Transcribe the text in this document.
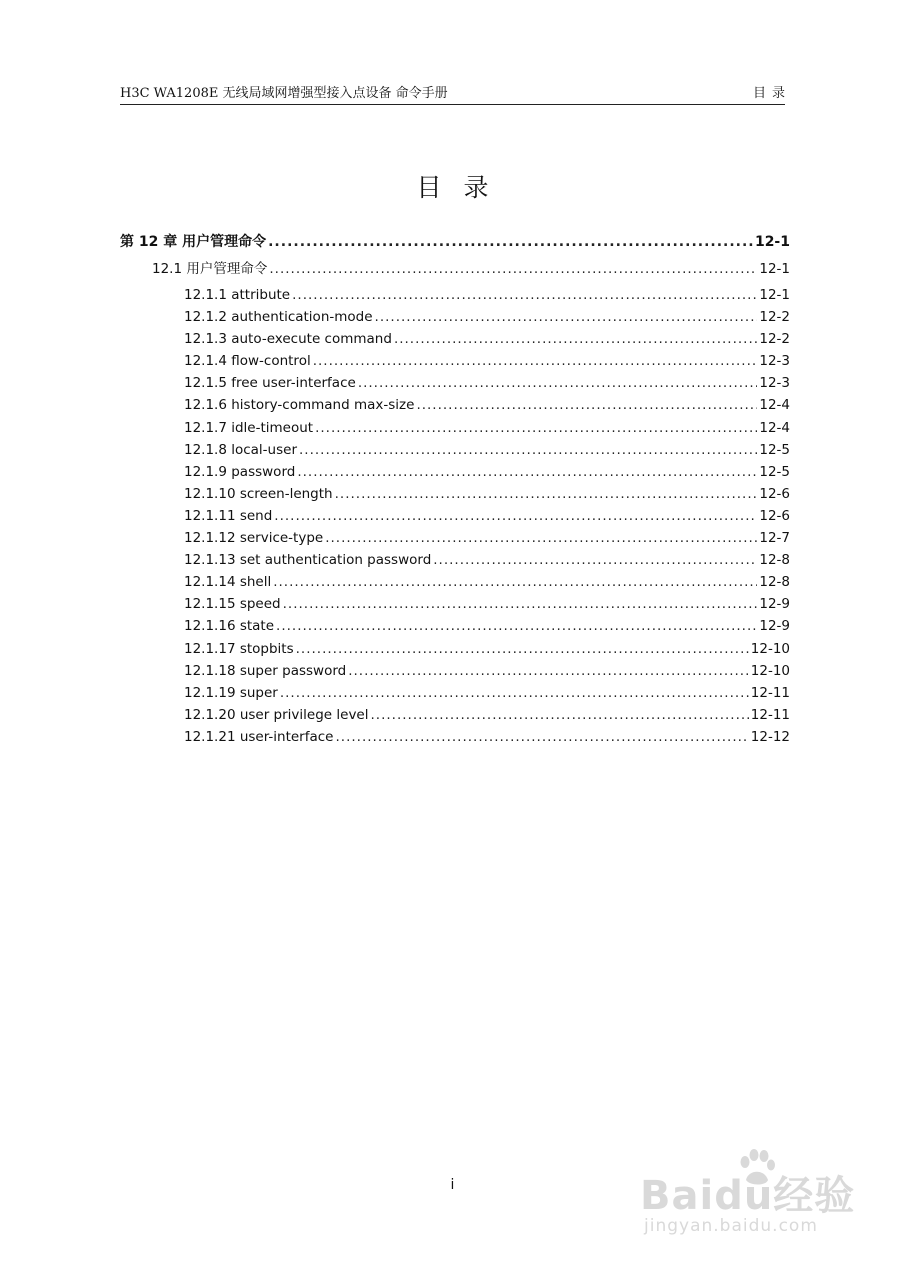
H3C WA1208E 无线局域网增强型接入点设备 命令手册	目录
目录
第 12 章 用户管理命令 .....	12-1
12.1 用户管理命令 .....	12-1
12.1.1 attribute .....	12-1
12.1.2 authentication-mode .....	12-2
12.1.3 auto-execute command .....	12-2
12.1.4 flow-control .....	12-3
12.1.5 free user-interface .....	12-3
12.1.6 history-command max-size .....	12-4
12.1.7 idle-timeout .....	12-4
12.1.8 local-user .....	12-5
12.1.9 password .....	12-5
12.1.10 screen-length .....	12-6
12.1.11 send .....	12-6
12.1.12 service-type .....	12-7
12.1.13 set authentication password .....	12-8
12.1.14 shell .....	12-8
12.1.15 speed .....	12-9
12.1.16 state .....	12-9
12.1.17 stopbits .....	12-10
12.1.18 super password .....	12-10
12.1.19 super .....	12-11
12.1.20 user privilege level .....	12-11
12.1.21 user-interface .....	12-12
i	Baidu经验
jingyan.baidu.com
